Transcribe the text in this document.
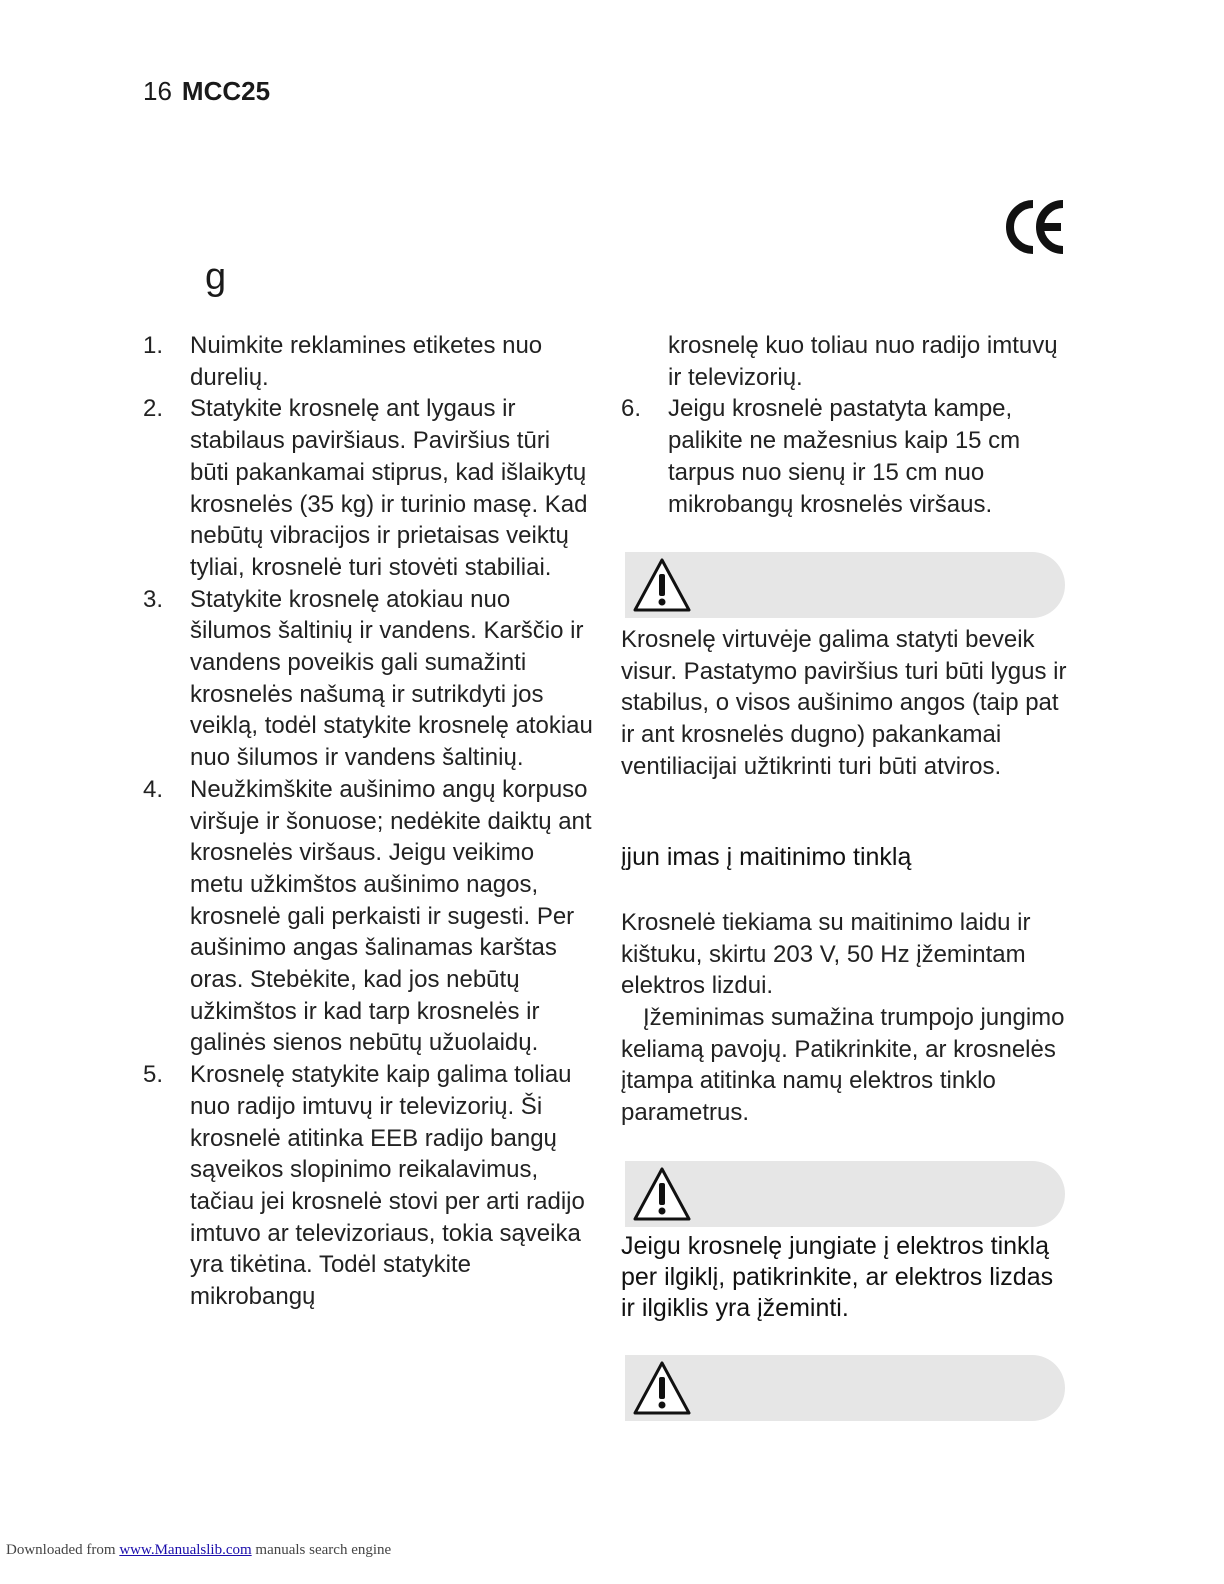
16 MCC25
g
1. Nuimkite reklamines etiketes nuo durelių.
2. Statykite krosnelę ant lygaus ir stabilaus paviršiaus. Paviršius tūri būti pakankamai stiprus, kad išlaikytų krosnelės (35 kg) ir turinio masę. Kad nebūtų vibracijos ir prietaisas veiktų tyliai, krosnelė turi stovėti stabiliai.
3. Statykite krosnelę atokiau nuo šilumos šaltinių ir vandens. Karščio ir vandens poveikis gali sumažinti krosnelės našumą ir sutrikdyti jos veiklą, todėl statykite krosnelę atokiau nuo šilumos ir vandens šaltinių.
4. Neužkimškite aušinimo angų korpuso viršuje ir šonuose; nedėkite daiktų ant krosnelės viršaus. Jeigu veikimo metu užkimštos aušinimo nagos, krosnelė gali perkaisti ir sugesti. Per aušinimo angas šalinamas karštas oras. Stebėkite, kad jos nebūtų užkimštos ir kad tarp krosnelės ir galinės sienos nebūtų užuolaidų.
5. Krosnelę statykite kaip galima toliau nuo radijo imtuvų ir televizorių. Ši krosnelė atitinka EEB radijo bangų sąveikos slopinimo reikalavimus, tačiau jei krosnelė stovi per arti radijo imtuvo ar televizoriaus, tokia sąveika yra tikėtina. Todėl statykite mikrobangų
krosnelę kuo toliau nuo radijo imtuvų ir televizorių.
6. Jeigu krosnelė pastatyta kampe, palikite ne mažesnius kaip 15 cm tarpus nuo sienų ir 15 cm nuo mikrobangų krosnelės viršaus.
Krosnelę virtuvėje galima statyti beveik visur. Pastatymo paviršius turi būti lygus ir stabilus, o visos aušinimo angos (taip pat ir ant krosnelės dugno) pakankamai ventiliacijai užtikrinti turi būti atviros.
įjun imas į maitinimo tinklą
Krosnelė tiekiama su maitinimo laidu ir kištuku, skirtu 203 V, 50 Hz įžemintam elektros lizdui.
Įžeminimas sumažina trumpojo jungimo keliamą pavojų. Patikrinkite, ar krosnelės įtampa atitinka namų elektros tinklo parametrus.
Jeigu krosnelę jungiate į elektros tinklą per ilgiklį, patikrinkite, ar elektros lizdas ir ilgiklis yra įžeminti.
Downloaded from www.Manualslib.com manuals search engine
